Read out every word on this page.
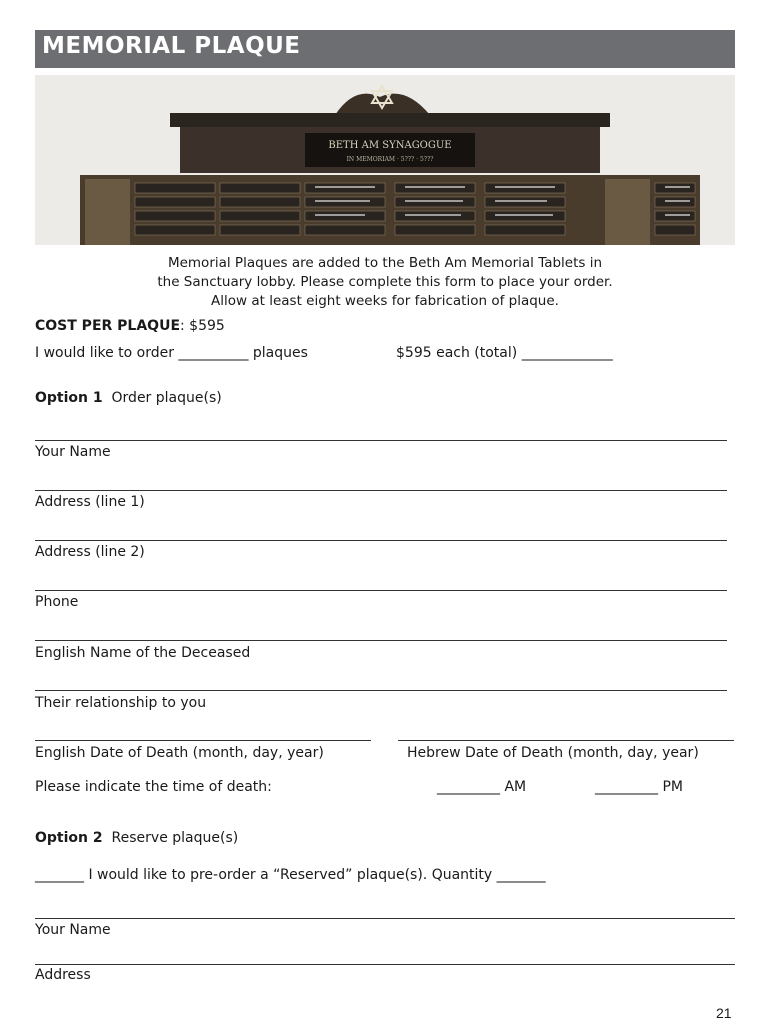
MEMORIAL PLAQUE
BETH AM SYNAGOGUE
IN MEMORIAM · 5??? · 5???
Memorial Plaques are added to the Beth Am Memorial Tablets in
the Sanctuary lobby. Please complete this form to place your order.
Allow at least eight weeks for fabrication of plaque.
COST PER PLAQUE: $595
I would like to order __________ plaques	$595 each (total) _____________
Option 1 Order plaque(s)
Your Name
Address (line 1)
Address (line 2)
Phone
English Name of the Deceased
Their relationship to you
English Date of Death (month, day, year)	Hebrew Date of Death (month, day, year)
Please indicate the time of death:	_________ AM	_________ PM
Option 2 Reserve plaque(s)
_______ I would like to pre-order a “Reserved” plaque(s). Quantity _______
Your Name
Address
21
